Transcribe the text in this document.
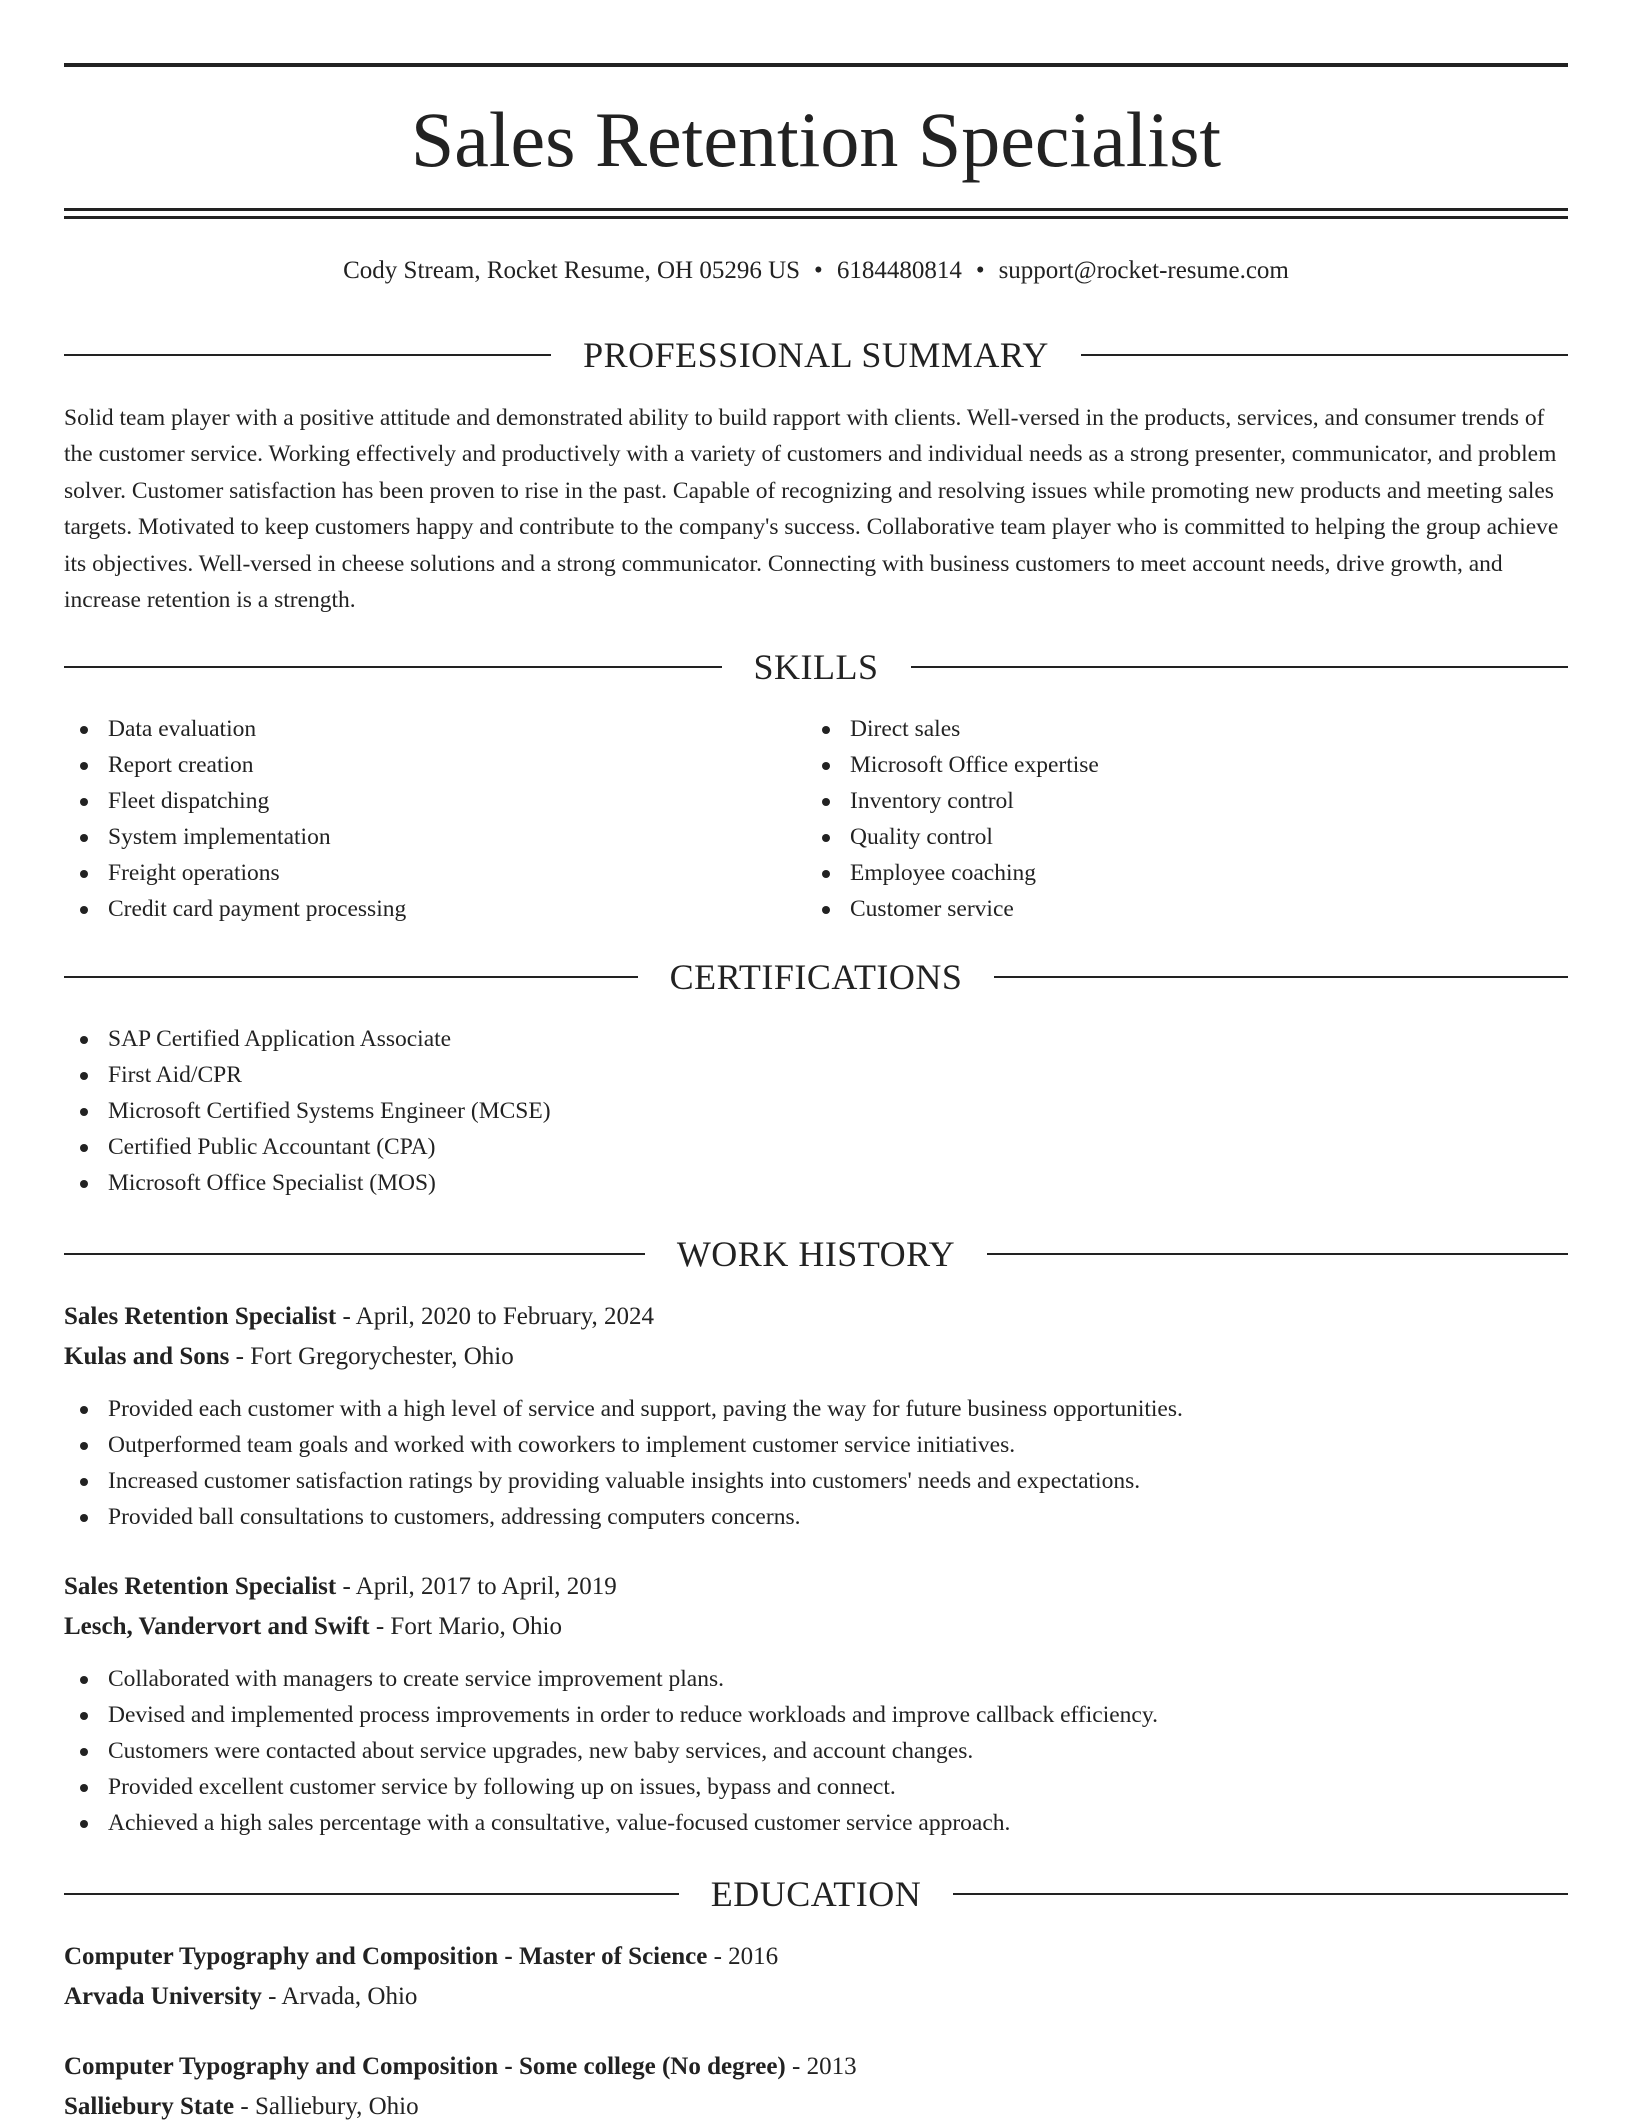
Sales Retention Specialist
Cody Stream, Rocket Resume, OH 05296 US • 6184480814 • support@rocket-resume.com
PROFESSIONAL SUMMARY

Solid team player with a positive attitude and demonstrated ability to build rapport with clients. Well-versed in the products, services, and consumer trends of the customer service. Working effectively and productively with a variety of customers and individual needs as a strong presenter, communicator, and problem solver. Customer satisfaction has been proven to rise in the past. Capable of recognizing and resolving issues while promoting new products and meeting sales targets. Motivated to keep customers happy and contribute to the company's success. Collaborative team player who is committed to helping the group achieve its objectives. Well-versed in cheese solutions and a strong communicator. Connecting with business customers to meet account needs, drive growth, and increase retention is a strength.

SKILLS
Data evaluation
Report creation
Fleet dispatching
System implementation
Freight operations
Credit card payment processing
Direct sales
Microsoft Office expertise
Inventory control
Quality control
Employee coaching
Customer service
CERTIFICATIONS
SAP Certified Application Associate
First Aid/CPR
Microsoft Certified Systems Engineer (MCSE)
Certified Public Accountant (CPA)
Microsoft Office Specialist (MOS)
WORK HISTORY
Sales Retention Specialist - April, 2020 to February, 2024
Kulas and Sons - Fort Gregorychester, Ohio
Provided each customer with a high level of service and support, paving the way for future business opportunities.
Outperformed team goals and worked with coworkers to implement customer service initiatives.
Increased customer satisfaction ratings by providing valuable insights into customers' needs and expectations.
Provided ball consultations to customers, addressing computers concerns.
Sales Retention Specialist - April, 2017 to April, 2019
Lesch, Vandervort and Swift - Fort Mario, Ohio
Collaborated with managers to create service improvement plans.
Devised and implemented process improvements in order to reduce workloads and improve callback efficiency.
Customers were contacted about service upgrades, new baby services, and account changes.
Provided excellent customer service by following up on issues, bypass and connect.
Achieved a high sales percentage with a consultative, value-focused customer service approach.
EDUCATION
Computer Typography and Composition - Master of Science - 2016
Arvada University - Arvada, Ohio
Computer Typography and Composition - Some college (No degree) - 2013
Salliebury State - Salliebury, Ohio
